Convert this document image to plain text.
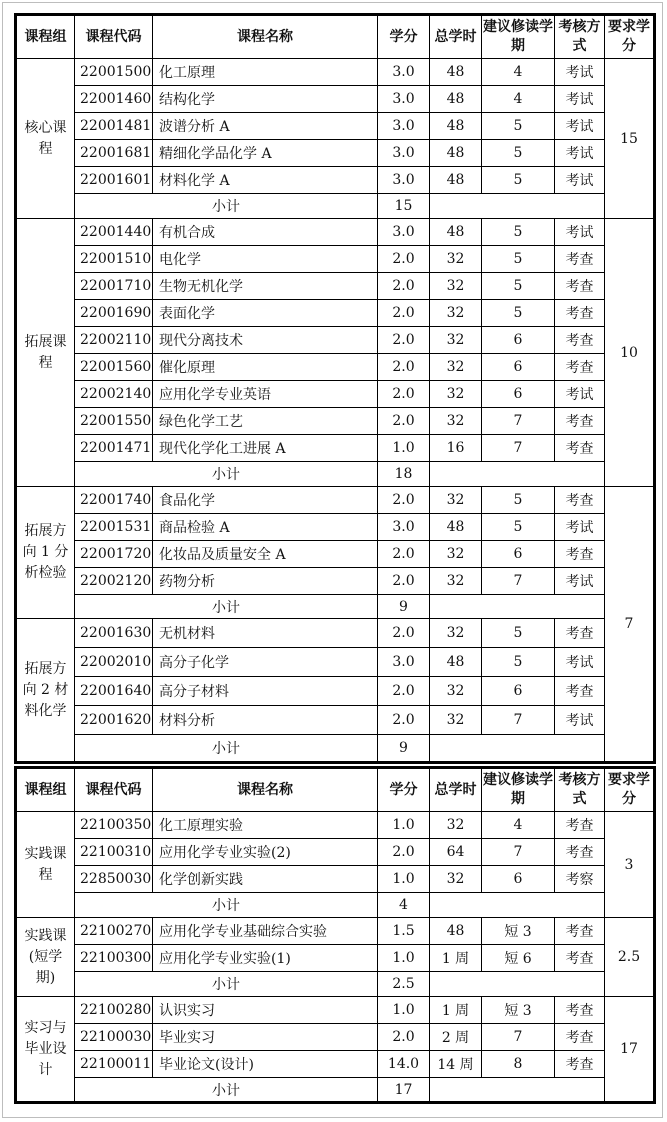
课程组	课程代码	课程名称	学分	总学时	建议修读学期	考核方式	要求学分
核心课程	22001500	化工原理	3.0	48	4	考试	15
	22001460	结构化学	3.0	48	4	考试	
	22001481	波谱分析 A	3.0	48	5	考试	
	22001681	精细化学品化学 A	3.0	48	5	考试	
	22001601	材料化学 A	3.0	48	5	考试	
	小计		15				
拓展课程	22001440	有机合成	3.0	48	5	考试	10
	22001510	电化学	2.0	32	5	考查	
	22001710	生物无机化学	2.0	32	5	考查	
	22001690	表面化学	2.0	32	5	考查	
	22002110	现代分离技术	2.0	32	6	考查	
	22001560	催化原理	2.0	32	6	考查	
	22002140	应用化学专业英语	2.0	32	6	考试	
	22001550	绿色化学工艺	2.0	32	7	考查	
	22001471	现代化学化工进展 A	1.0	16	7	考查	
	小计		18				
拓展方向 1 分析检验	22001740	食品化学	2.0	32	5	考查	7
	22001531	商品检验 A	3.0	48	5	考试	
	22001720	化妆品及质量安全 A	2.0	32	6	考查	
	22002120	药物分析	2.0	32	7	考试	
	小计		9				
拓展方向 2 材料化学	22001630	无机材料	2.0	32	5	考查	
	22002010	高分子化学	3.0	48	5	考试	
	22001640	高分子材料	2.0	32	6	考查	
	22001620	材料分析	2.0	32	7	考试	
	小计		9				
课程组	课程代码	课程名称	学分	总学时	建议修读学期	考核方式	要求学分
实践课程	22100350	化工原理实验	1.0	32	4	考查	3
	22100310	应用化学专业实验(2)	2.0	64	7	考查	
	22850030	化学创新实践	1.0	32	6	考察	
	小计		4				
实践课(短学期)	22100270	应用化学专业基础综合实验	1.5	48	短 3	考查	2.5
	22100300	应用化学专业实验(1)	1.0	1 周	短 6	考查	
	小计		2.5				
实习与毕业设计	22100280	认识实习	1.0	1 周	短 3	考查	17
	22100030	毕业实习	2.0	2 周	7	考查	
	22100011	毕业论文(设计)	14.0	14 周	8	考查	
	小计		17				
